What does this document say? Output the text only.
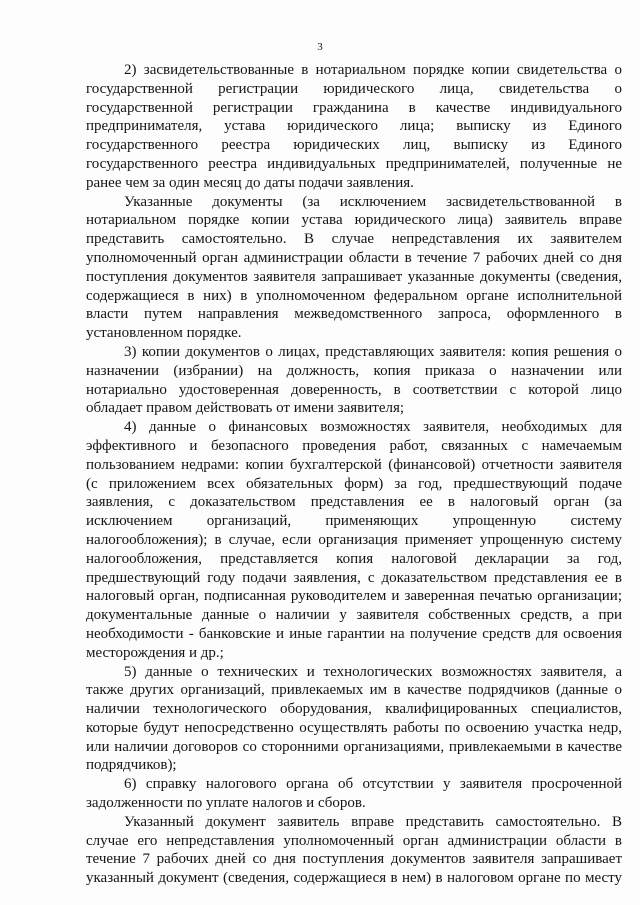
3
2) засвидетельствованные в нотариальном порядке копии свидетельства о
государственной регистрации юридического лица, свидетельства о
государственной регистрации гражданина в качестве индивидуального
предпринимателя, устава юридического лица; выписку из Единого
государственного реестра юридических лиц, выписку из Единого
государственного реестра индивидуальных предпринимателей, полученные не
ранее чем за один месяц до даты подачи заявления.
Указанные документы (за исключением засвидетельствованной в
нотариальном порядке копии устава юридического лица) заявитель вправе
представить самостоятельно. В случае непредставления их заявителем
уполномоченный орган администрации области в течение 7 рабочих дней со дня
поступления документов заявителя запрашивает указанные документы (сведения,
содержащиеся в них) в уполномоченном федеральном органе исполнительной
власти путем направления межведомственного запроса, оформленного в
установленном порядке.
3) копии документов о лицах, представляющих заявителя: копия решения о
назначении (избрании) на должность, копия приказа о назначении или
нотариально удостоверенная доверенность, в соответствии с которой лицо
обладает правом действовать от имени заявителя;
4) данные о финансовых возможностях заявителя, необходимых для
эффективного и безопасного проведения работ, связанных с намечаемым
пользованием недрами: копии бухгалтерской (финансовой) отчетности заявителя
(с приложением всех обязательных форм) за год, предшествующий подаче
заявления, с доказательством представления ее в налоговый орган (за
исключением организаций, применяющих упрощенную систему
налогообложения); в случае, если организация применяет упрощенную систему
налогообложения, представляется копия налоговой декларации за год,
предшествующий году подачи заявления, с доказательством представления ее в
налоговый орган, подписанная руководителем и заверенная печатью организации;
документальные данные о наличии у заявителя собственных средств, а при
необходимости - банковские и иные гарантии на получение средств для освоения
месторождения и др.;
5) данные о технических и технологических возможностях заявителя, а
также других организаций, привлекаемых им в качестве подрядчиков (данные о
наличии технологического оборудования, квалифицированных специалистов,
которые будут непосредственно осуществлять работы по освоению участка недр,
или наличии договоров со сторонними организациями, привлекаемыми в качестве
подрядчиков);
6) справку налогового органа об отсутствии у заявителя просроченной
задолженности по уплате налогов и сборов.
Указанный документ заявитель вправе представить самостоятельно. В
случае его непредставления уполномоченный орган администрации области в
течение 7 рабочих дней со дня поступления документов заявителя запрашивает
указанный документ (сведения, содержащиеся в нем) в налоговом органе по месту
